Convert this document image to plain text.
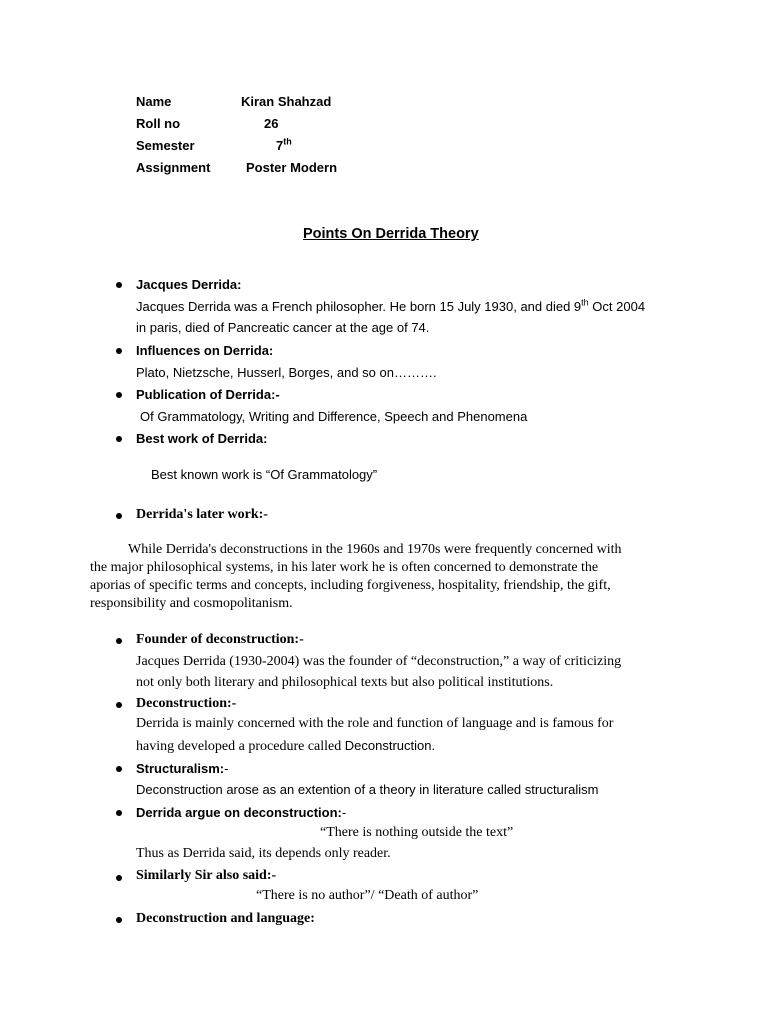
Name	Kiran Shahzad
Roll no	26
Semester	7th
Assignment	Poster Modern
Points On Derrida Theory
Jacques Derrida:
Jacques Derrida was a French philosopher. He born 15 July 1930, and died 9th Oct 2004
in paris, died of Pancreatic cancer at the age of 74.
Influences on Derrida:
Plato, Nietzsche, Husserl, Borges, and so on……….
Publication of Derrida:-
Of Grammatology, Writing and Difference, Speech and Phenomena
Best work of Derrida:
Best known work is “Of Grammatology”
Derrida's later work:-
While Derrida's deconstructions in the 1960s and 1970s were frequently concerned with
the major philosophical systems, in his later work he is often concerned to demonstrate the
aporias of specific terms and concepts, including forgiveness, hospitality, friendship, the gift,
responsibility and cosmopolitanism.
Founder of deconstruction:-
Jacques Derrida (1930-2004) was the founder of “deconstruction,” a way of criticizing
not only both literary and philosophical texts but also political institutions.
Deconstruction:-
Derrida is mainly concerned with the role and function of language and is famous for
having developed a procedure called Deconstruction.
Structuralism:-
Deconstruction arose as an extention of a theory in literature called structuralism
Derrida argue on deconstruction:-
“There is nothing outside the text”
Thus as Derrida said, its depends only reader.
Similarly Sir also said:-
“There is no author”/ “Death of author”
Deconstruction and language:
